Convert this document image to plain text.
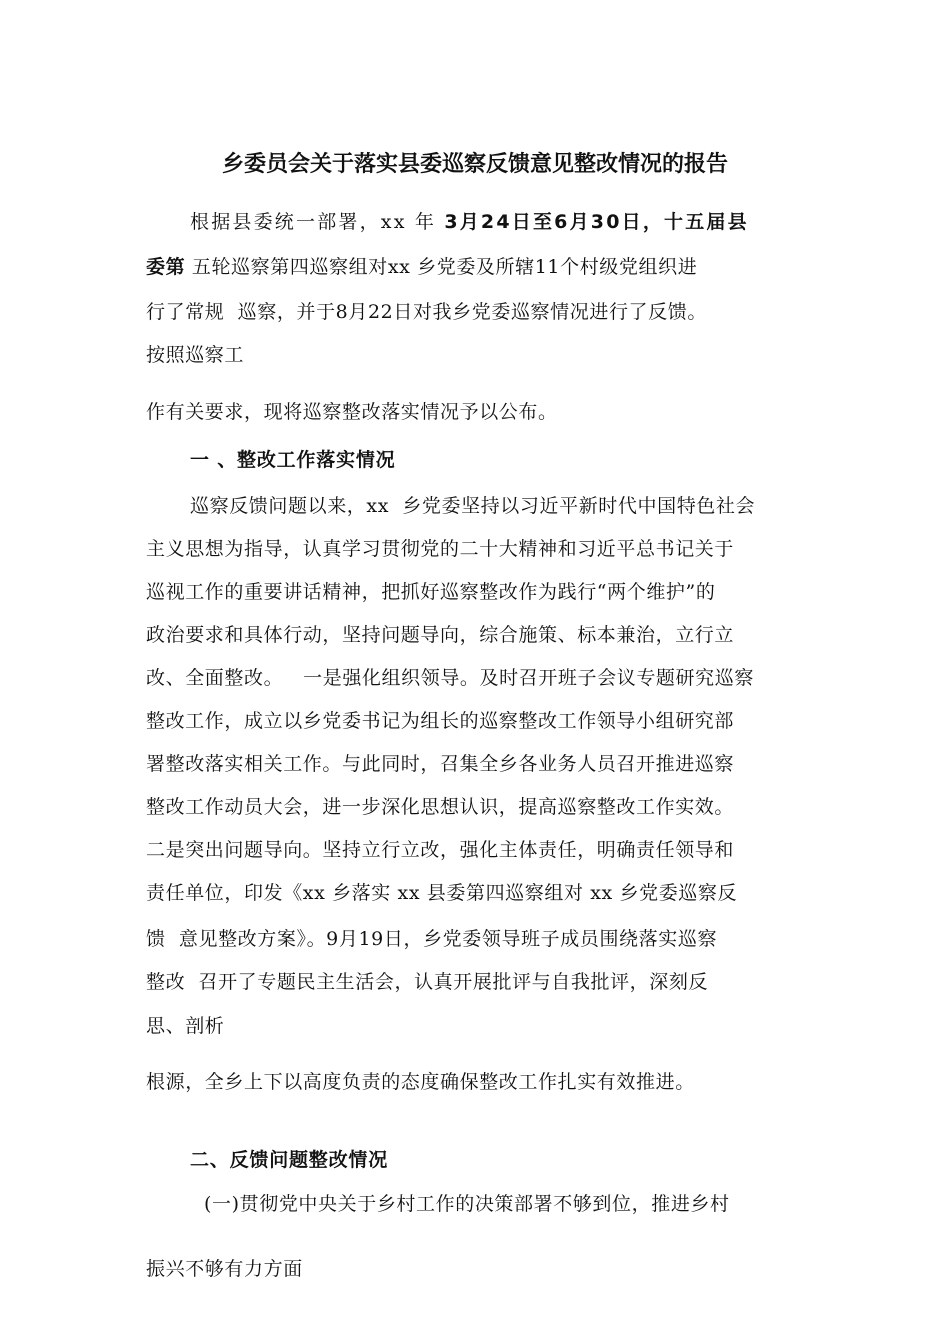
乡委员会关于落实县委巡察反馈意见整改情况的报告

根据县委统一部署，xx 年 3月24日至6月30日，十五届县

委第 五轮巡察第四巡察组对xx 乡党委及所辖11个村级党组织进

行了常规  巡察，并于8月22日对我乡党委巡察情况进行了反馈。

按照巡察工

作有关要求，现将巡察整改落实情况予以公布。

一 、整改工作落实情况

巡察反馈问题以来，xx  乡党委坚持以习近平新时代中国特色社会

主义思想为指导，认真学习贯彻党的二十大精神和习近平总书记关于

巡视工作的重要讲话精神，把抓好巡察整改作为践行“两个维护”的

政治要求和具体行动，坚持问题导向，综合施策、标本兼治，立行立

改、全面整改。   一是强化组织领导。及时召开班子会议专题研究巡察

整改工作，成立以乡党委书记为组长的巡察整改工作领导小组研究部

署整改落实相关工作。与此同时，召集全乡各业务人员召开推进巡察

整改工作动员大会，进一步深化思想认识，提高巡察整改工作实效。

二是突出问题导向。坚持立行立改，强化主体责任，明确责任领导和

责任单位，印发《xx 乡落实 xx 县委第四巡察组对 xx 乡党委巡察反

馈  意见整改方案》。9月19日，乡党委领导班子成员围绕落实巡察

整改  召开了专题民主生活会，认真开展批评与自我批评，深刻反

思、剖析

根源，全乡上下以高度负责的态度确保整改工作扎实有效推进。

二、反馈问题整改情况

(一)贯彻党中央关于乡村工作的决策部署不够到位，推进乡村

振兴不够有力方面
